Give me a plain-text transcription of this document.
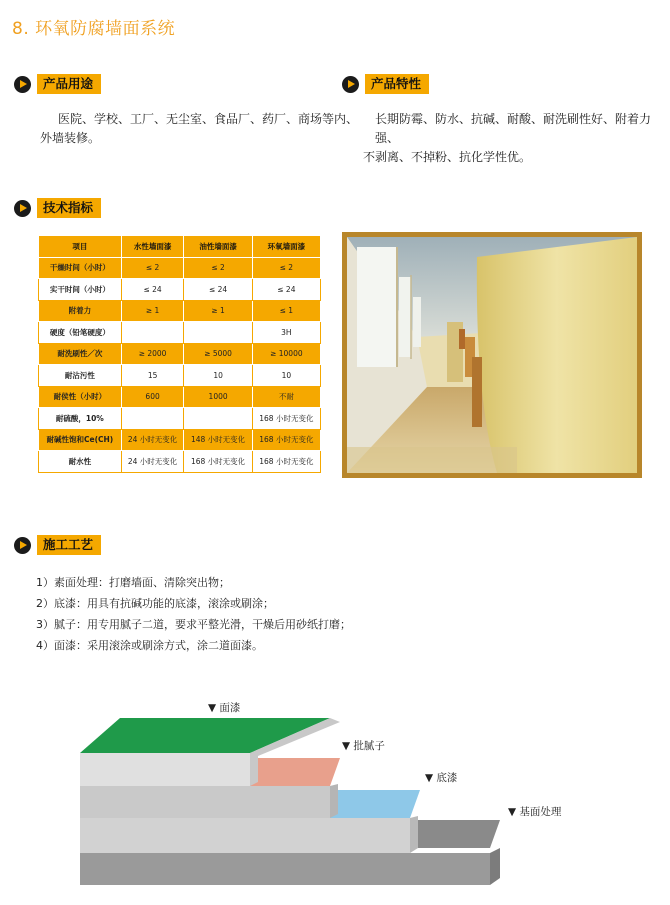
8. 环氧防腐墙面系统
产品用途
医院、学校、工厂、无尘室、食品厂、药厂、商场等内、
外墙装修。
产品特性
长期防霉、防水、抗碱、耐酸、耐洗刷性好、附着力强、
不剥离、不掉粉、抗化学性优。
技术指标
项目	水性墙面漆	油性墙面漆	环氧墙面漆
干燥时间（小时）	≤ 2	≤ 2	≤ 2
实干时间（小时）	≤ 24	≤ 24	≤ 24
附着力	≥ 1	≥ 1	≤ 1
硬度（铅笔硬度）			3H
耐洗刷性／次	≥ 2000	≥ 5000	≥ 10000
耐沾污性	15	10	10
耐侯性（小时）	600	1000	不耐
耐硫酸，10%			168 小时无变化
耐碱性饱和Ce(CH)	24 小时无变化	148 小时无变化	168 小时无变化
耐水性	24 小时无变化	168 小时无变化	168 小时无变化
施工工艺
1）素面处理：打磨墙面、清除突出物；
2）底漆：用具有抗碱功能的底漆，滚涂或刷涂；
3）腻子：用专用腻子二道，要求平整光滑，干燥后用砂纸打磨；
4）面漆：采用滚涂或刷涂方式，涂二道面漆。
▼ 面漆
▼ 批腻子
▼ 底漆
▼ 基面处理
